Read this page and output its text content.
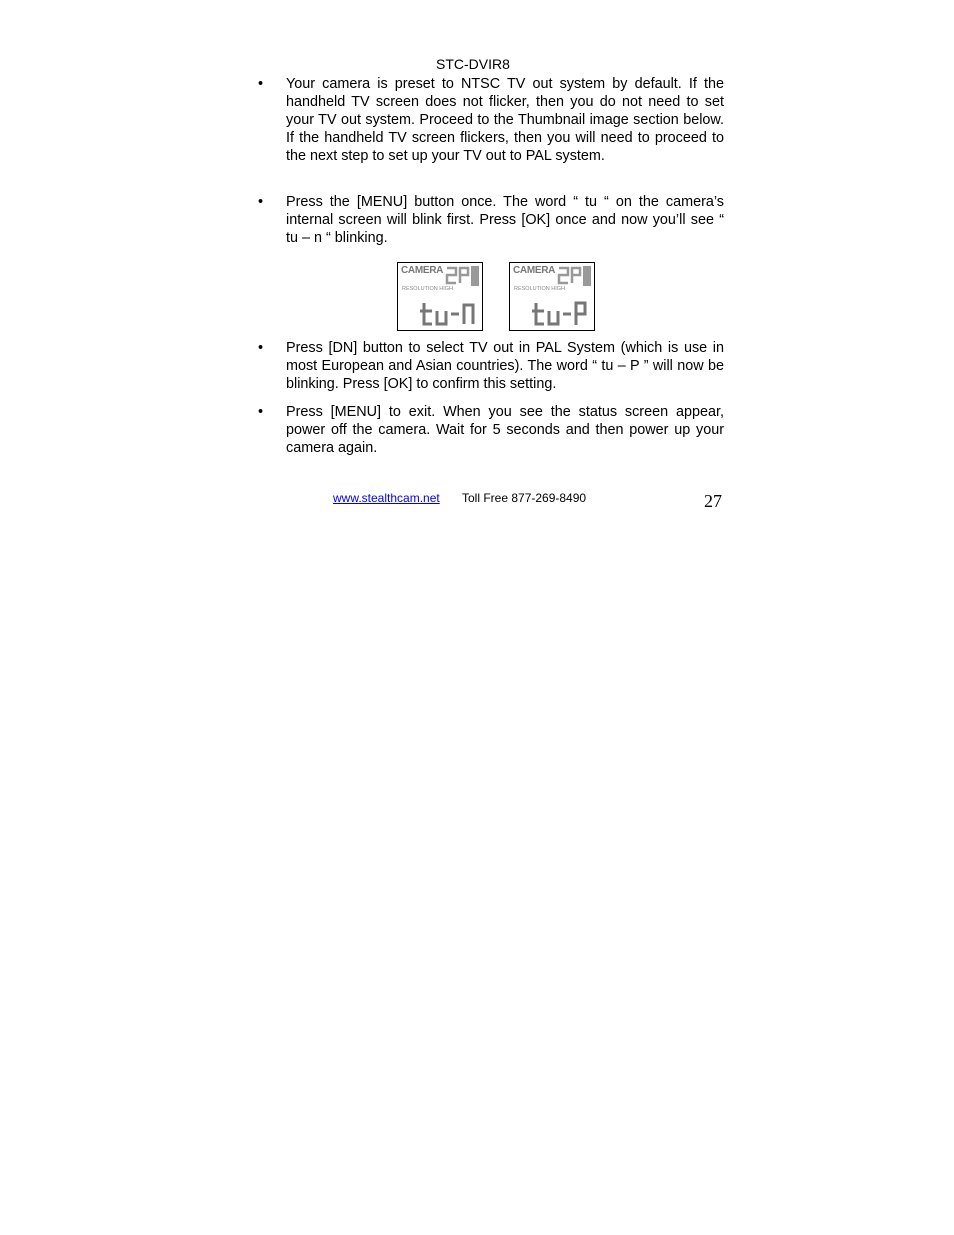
STC-DVIR8
• Your camera is preset to NTSC TV out system by default. If the handheld TV screen does not flicker, then you do not need to set your TV out system. Proceed to the Thumbnail image section below. If the handheld TV screen flickers, then you will need to proceed to the next step to set up your TV out to PAL system.
• Press the [MENU] button once. The word “ tu “ on the camera’s internal screen will blink first. Press [OK] once and now you’ll see “ tu – n “ blinking.
CAMERA
RESOLUTION HIGH
CAMERA
RESOLUTION HIGH
• Press [DN] button to select TV out in PAL System (which is use in most European and Asian countries). The word “ tu – P ” will now be blinking. Press [OK] to confirm this setting.
• Press [MENU] to exit. When you see the status screen appear, power off the camera. Wait for 5 seconds and then power up your camera again.
www.stealthcam.net Toll Free 877-269-8490	27
